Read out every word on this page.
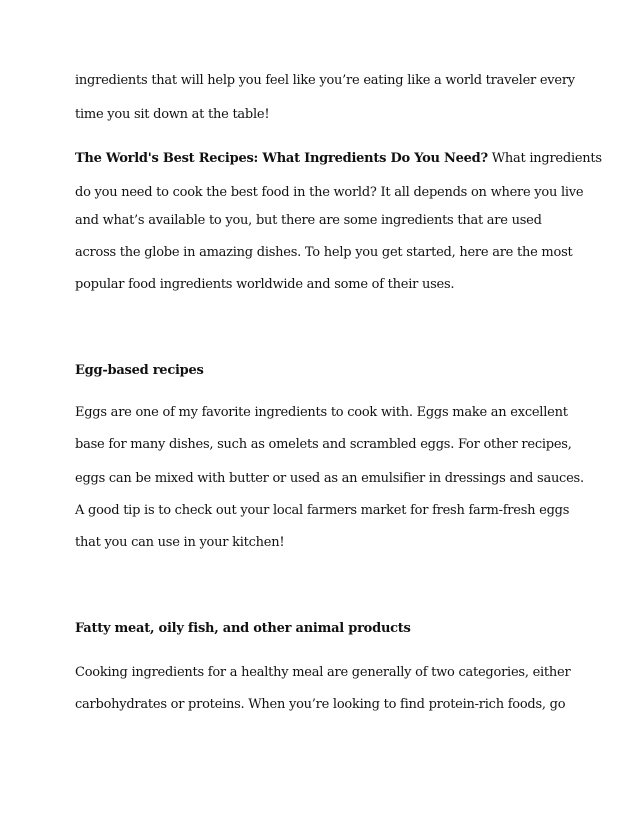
ingredients that will help you feel like you’re eating like a world traveler every
time you sit down at the table!
The World's Best Recipes: What Ingredients Do You Need? What ingredients
do you need to cook the best food in the world? It all depends on where you live
and what’s available to you, but there are some ingredients that are used
across the globe in amazing dishes. To help you get started, here are the most
popular food ingredients worldwide and some of their uses.
Egg-based recipes
Eggs are one of my favorite ingredients to cook with. Eggs make an excellent
base for many dishes, such as omelets and scrambled eggs. For other recipes,
eggs can be mixed with butter or used as an emulsifier in dressings and sauces.
A good tip is to check out your local farmers market for fresh farm-fresh eggs
that you can use in your kitchen!
Fatty meat, oily fish, and other animal products
Cooking ingredients for a healthy meal are generally of two categories, either
carbohydrates or proteins. When you’re looking to find protein-rich foods, go
